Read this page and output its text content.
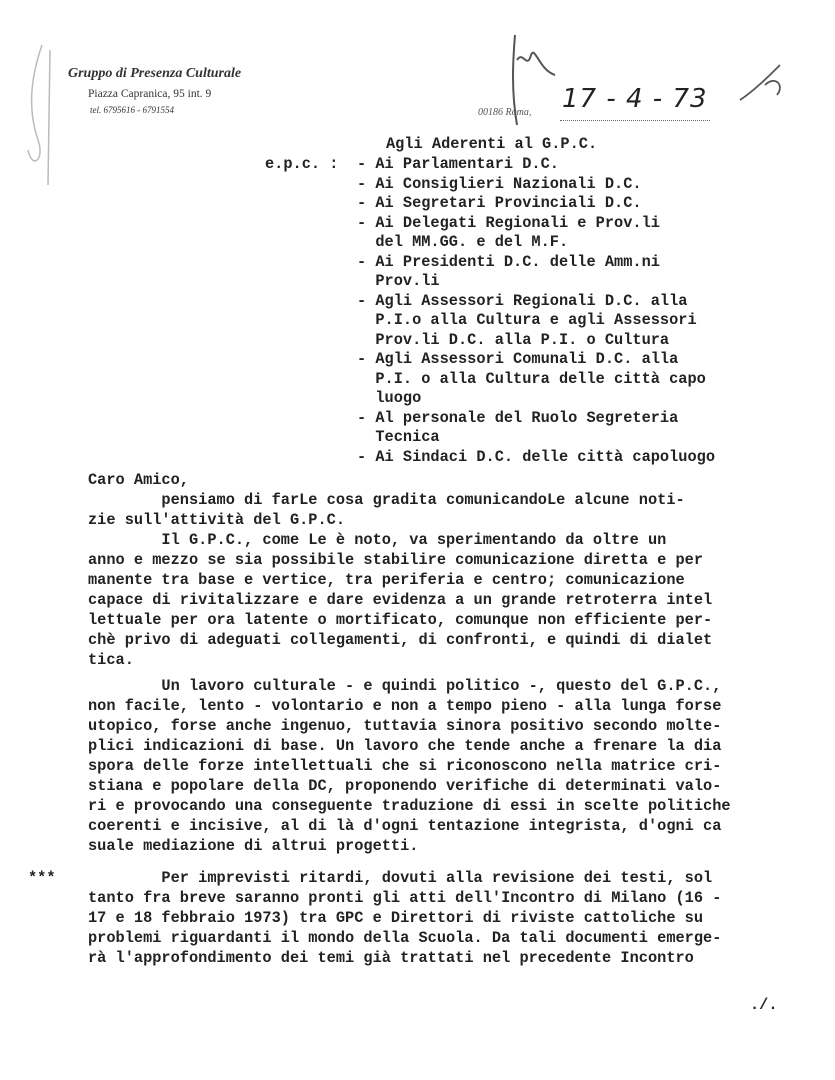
Gruppo di Presenza Culturale
Piazza Capranica, 95 int. 9
tel. 6795616 - 6791554	00186 Roma, 17 - 4 - 73
Agli Aderenti al G.P.C.
e.p.c. : - Ai Parlamentari D.C.
- Ai Consiglieri Nazionali D.C.
- Ai Segretari Provinciali D.C.
- Ai Delegati Regionali e Prov.li
del MM.GG. e del M.F.
- Ai Presidenti D.C. delle Amm.ni
Prov.li
- Agli Assessori Regionali D.C. alla
P.I.o alla Cultura e agli Assessori
Prov.li D.C. alla P.I. o Cultura
- Agli Assessori Comunali D.C. alla
P.I. o alla Cultura delle città capo
luogo
- Al personale del Ruolo Segreteria
Tecnica
- Ai Sindaci D.C. delle città capoluogo
Caro Amico,
pensiamo di farLe cosa gradita comunicandoLe alcune noti-
zie sull'attività del G.P.C.
Il G.P.C., come Le è noto, va sperimentando da oltre un
anno e mezzo se sia possibile stabilire comunicazione diretta e per
manente tra base e vertice, tra periferia e centro; comunicazione
capace di rivitalizzare e dare evidenza a un grande retroterra intel
lettuale per ora latente o mortificato, comunque non efficiente per-
chè privo di adeguati collegamenti, di confronti, e quindi di dialet
tica.
Un lavoro culturale - e quindi politico -, questo del G.P.C.,
non facile, lento - volontario e non a tempo pieno - alla lunga forse
utopico, forse anche ingenuo, tuttavia sinora positivo secondo molte-
plici indicazioni di base. Un lavoro che tende anche a frenare la dia
spora delle forze intellettuali che si riconoscono nella matrice cri-
stiana e popolare della DC, proponendo verifiche di determinati valo-
ri e provocando una conseguente traduzione di essi in scelte politiche
coerenti e incisive, al di là d'ogni tentazione integrista, d'ogni ca
suale mediazione di altrui progetti.
*** Per imprevisti ritardi, dovuti alla revisione dei testi, sol
tanto fra breve saranno pronti gli atti dell'Incontro di Milano (16 -
17 e 18 febbraio 1973) tra GPC e Direttori di riviste cattoliche su
problemi riguardanti il mondo della Scuola. Da tali documenti emerge-
rà l'approfondimento dei temi già trattati nel precedente Incontro
./.
